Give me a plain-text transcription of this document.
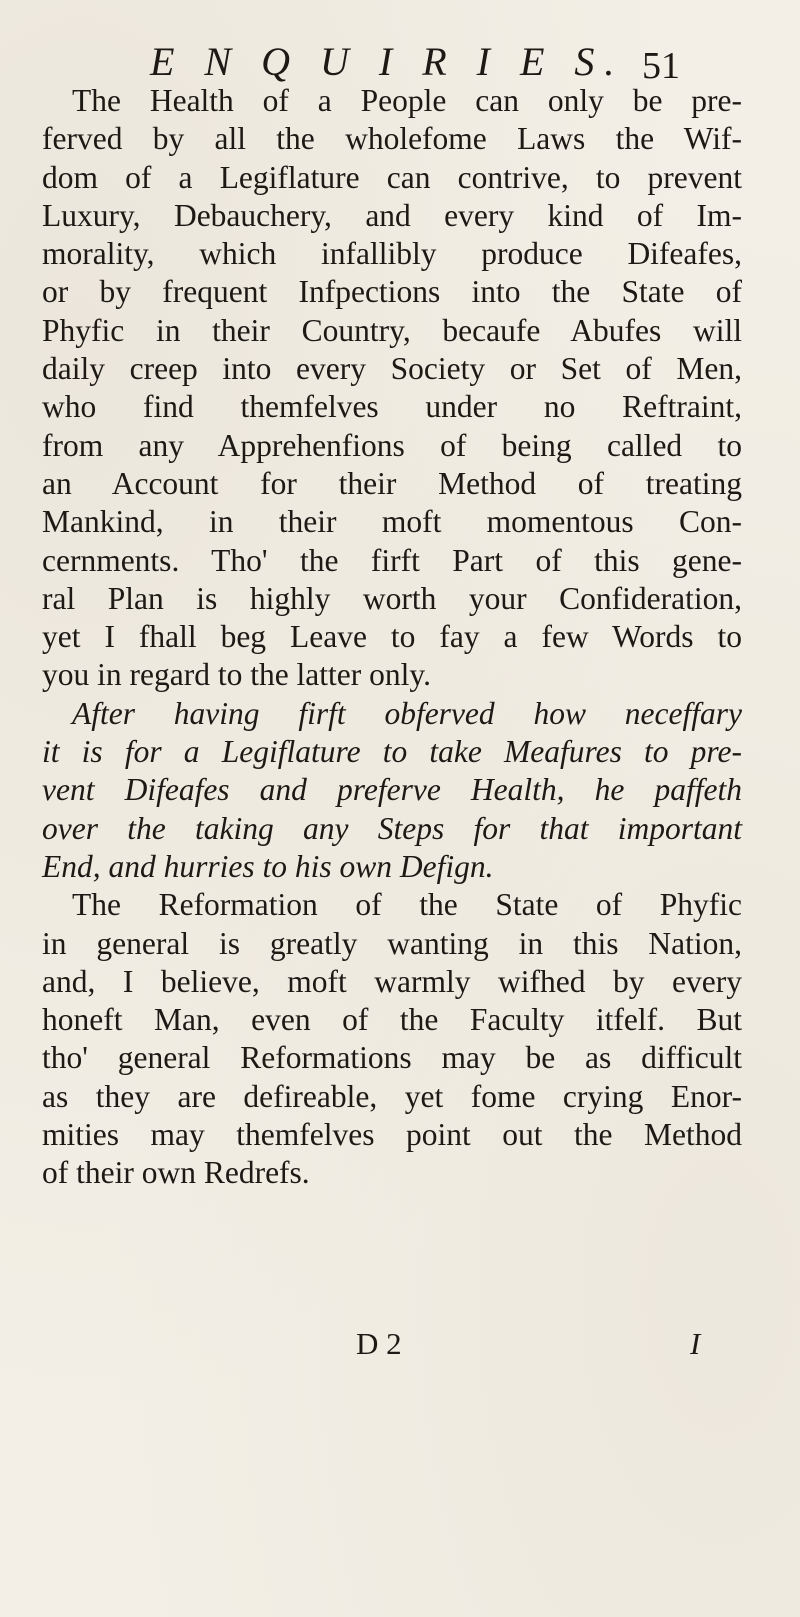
E N Q U I R I E S. 51
The Health of a People can only be pre-
ferved by all the wholefome Laws the Wif-
dom of a Legiflature can contrive, to prevent
Luxury, Debauchery, and every kind of Im-
morality, which infallibly produce Difeafes,
or by frequent Infpections into the State of
Phyfic in their Country, becaufe Abufes will
daily creep into every Society or Set of Men,
who find themfelves under no Reftraint,
from any Apprehenfions of being called to
an Account for their Method of treating
Mankind, in their moft momentous Con-
cernments. Tho' the firft Part of this gene-
ral Plan is highly worth your Confideration,
yet I fhall beg Leave to fay a few Words to
you in regard to the latter only.
After having firft obferved how neceffary
it is for a Legiflature to take Meafures to pre-
vent Difeafes and preferve Health, he paffeth
over the taking any Steps for that important
End, and hurries to his own Defign.
The Reformation of the State of Phyfic
in general is greatly wanting in this Nation,
and, I believe, moft warmly wifhed by every
honeft Man, even of the Faculty itfelf. But
tho' general Reformations may be as difficult
as they are defireable, yet fome crying Enor-
mities may themfelves point out the Method
of their own Redrefs.
D 2	I
